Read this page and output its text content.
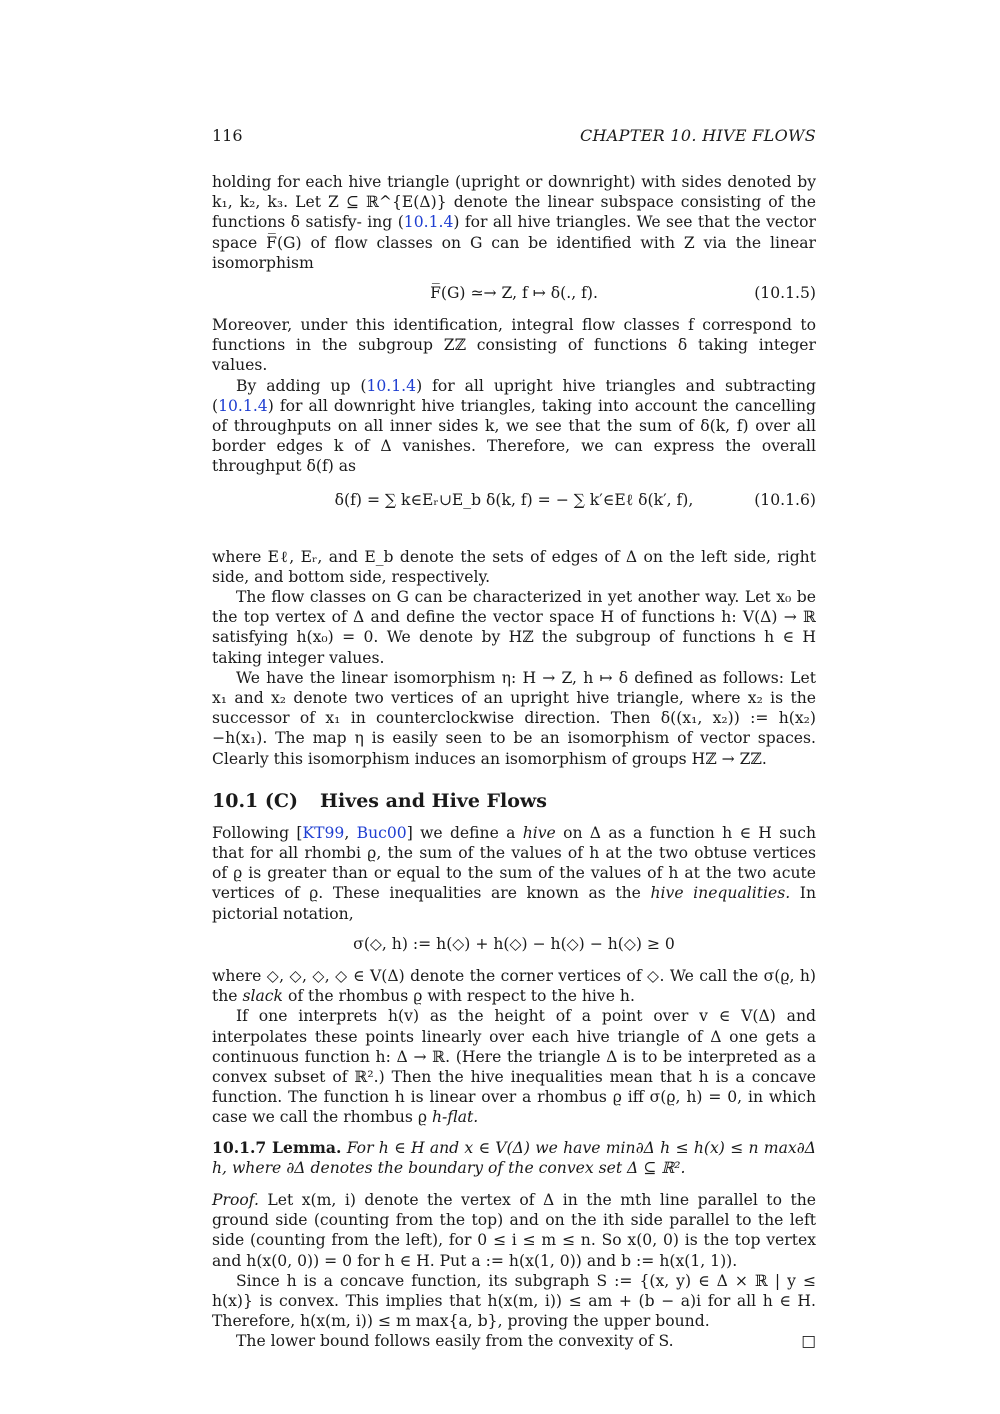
116	CHAPTER 10. HIVE FLOWS

holding for each hive triangle (upright or downright) with sides denoted by k₁, k₂, k₃. Let Z ⊆ ℝ^{E(Δ)} denote the linear subspace consisting of the functions δ satisfy- ing (10.1.4) for all hive triangles. We see that the vector space F̅(G) of flow classes on G can be identified with Z via the linear isomorphism

F̅(G) ≃→ Z, f ↦ δ(., f).	(10.1.5)

Moreover, under this identification, integral flow classes f correspond to functions in the subgroup Zℤ consisting of functions δ taking integer values.

By adding up (10.1.4) for all upright hive triangles and subtracting (10.1.4) for all downright hive triangles, taking into account the cancelling of throughputs on all inner sides k, we see that the sum of δ(k, f) over all border edges k of Δ vanishes. Therefore, we can express the overall throughput δ(f) as

δ(f) = ∑ k∈Eᵣ∪E_b δ(k, f) = − ∑ k′∈Eℓ δ(k′, f),	(10.1.6)

where Eℓ, Eᵣ, and E_b denote the sets of edges of Δ on the left side, right side, and bottom side, respectively.

The flow classes on G can be characterized in yet another way. Let x₀ be the top vertex of Δ and define the vector space H of functions h: V(Δ) → ℝ satisfying h(x₀) = 0. We denote by Hℤ the subgroup of functions h ∈ H taking integer values.

We have the linear isomorphism η: H → Z, h ↦ δ defined as follows: Let x₁ and x₂ denote two vertices of an upright hive triangle, where x₂ is the successor of x₁ in counterclockwise direction. Then δ((x₁, x₂)) := h(x₂)−h(x₁). The map η is easily seen to be an isomorphism of vector spaces. Clearly this isomorphism induces an isomorphism of groups Hℤ → Zℤ.

10.1 (C) Hives and Hive Flows

Following [KT99, Buc00] we define a hive on Δ as a function h ∈ H such that for all rhombi ϱ, the sum of the values of h at the two obtuse vertices of ϱ is greater than or equal to the sum of the values of h at the two acute vertices of ϱ. These inequalities are known as the hive inequalities. In pictorial notation,

σ(◇, h) := h(◇) + h(◇) − h(◇) − h(◇) ≥ 0

where ◇, ◇, ◇, ◇ ∈ V(Δ) denote the corner vertices of ◇. We call the σ(ϱ, h) the slack of the rhombus ϱ with respect to the hive h.

If one interprets h(v) as the height of a point over v ∈ V(Δ) and interpolates these points linearly over each hive triangle of Δ one gets a continuous function h: Δ → ℝ. (Here the triangle Δ is to be interpreted as a convex subset of ℝ².) Then the hive inequalities mean that h is a concave function. The function h is linear over a rhombus ϱ iff σ(ϱ, h) = 0, in which case we call the rhombus ϱ h-flat.

10.1.7 Lemma. For h ∈ H and x ∈ V(Δ) we have min∂Δ h ≤ h(x) ≤ n max∂Δ h, where ∂Δ denotes the boundary of the convex set Δ ⊆ ℝ².

Proof. Let x(m, i) denote the vertex of Δ in the mth line parallel to the ground side (counting from the top) and on the ith side parallel to the left side (counting from the left), for 0 ≤ i ≤ m ≤ n. So x(0, 0) is the top vertex and h(x(0, 0)) = 0 for h ∈ H. Put a := h(x(1, 0)) and b := h(x(1, 1)).

Since h is a concave function, its subgraph S := {(x, y) ∈ Δ × ℝ | y ≤ h(x)} is convex. This implies that h(x(m, i)) ≤ am + (b − a)i for all h ∈ H. Therefore, h(x(m, i)) ≤ m max{a, b}, proving the upper bound.

The lower bound follows easily from the convexity of S.	□
